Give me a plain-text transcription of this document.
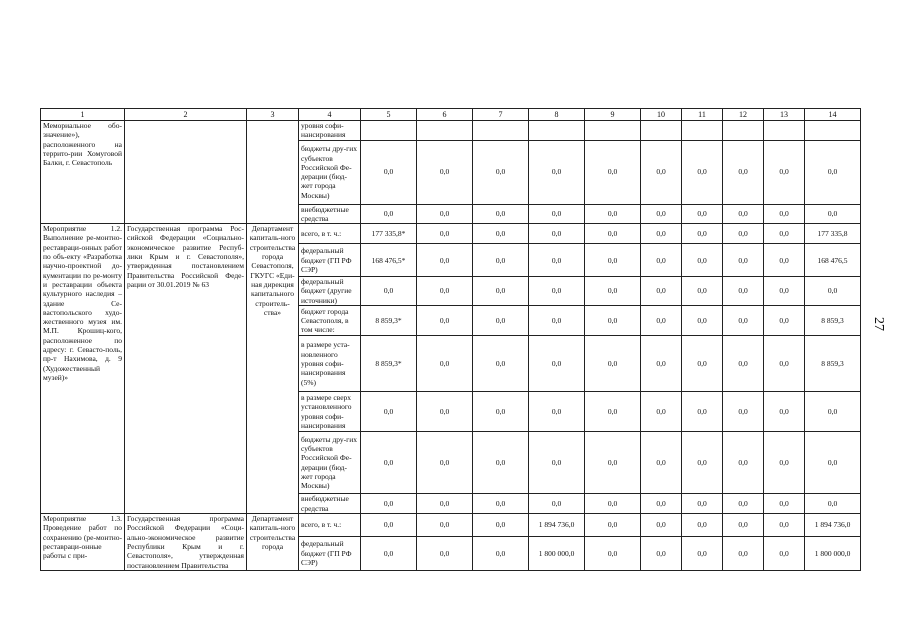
27
1	2	3	4	5	6	7	8	9	10	11	12	13	14
Мемориальное обо-значение»), расположенного на террито-рии Хомуговой Балки, г. Севастополь			уровня софи-нансирования										
			бюджеты дру-гих субъектов Российской Фе-дерации (бюд-жет города Москвы)	0,0	0,0	0,0	0,0	0,0	0,0	0,0	0,0	0,0	0,0
			внебюджетные средства	0,0	0,0	0,0	0,0	0,0	0,0	0,0	0,0	0,0	0,0
Мероприятие 1.2. Выполнение ре-монтно-реставраци-онных работ по объ-екту «Разработка научно-проектной до-кументации по ре-монту и реставрации объекта культурного наследия – здание Се-вастопольского худо-жественного музея им. М.П. Крошиц-кого, расположенное по адресу: г. Севасто-поль, пр-т Нахимова, д. 9 (Художественный музей)»	Государственная программа Рос-сийской Федерации «Социально-экономическое развитие Респуб-лики Крым и г. Севастополя», утвержденная постановлением Правительства Российской Феде-рации от 30.01.2019 № 63	Департамент капиталь-ного строительства города Севастополя, ГКУГС «Еди-ная дирекция капитального строитель-ства»	всего, в т. ч.:	177 335,8*	0,0	0,0	0,0	0,0	0,0	0,0	0,0	0,0	177 335,8
			федеральный бюджет (ГП РФ СЭР)	168 476,5*	0,0	0,0	0,0	0,0	0,0	0,0	0,0	0,0	168 476,5
			федеральный бюджет (другие источники)	0,0	0,0	0,0	0,0	0,0	0,0	0,0	0,0	0,0	0,0
			бюджет города Севастополя, в том числе:	8 859,3*	0,0	0,0	0,0	0,0	0,0	0,0	0,0	0,0	8 859,3
			в размере уста-новленного уровня софи-нансирования (5%)	8 859,3*	0,0	0,0	0,0	0,0	0,0	0,0	0,0	0,0	8 859,3
			в размере сверх установленного уровня софи-нансирования	0,0	0,0	0,0	0,0	0,0	0,0	0,0	0,0	0,0	0,0
			бюджеты дру-гих субъектов Российской Фе-дерации (бюд-жет города Москвы)	0,0	0,0	0,0	0,0	0,0	0,0	0,0	0,0	0,0	0,0
			внебюджетные средства	0,0	0,0	0,0	0,0	0,0	0,0	0,0	0,0	0,0	0,0
Мероприятие 1.3. Проведение работ по сохранению (ре-монтно-реставраци-онные работы с при-	Государственная программа Российской Федерации «Соци-ально-экономическое развитие Республики Крым и г. Севастополя», утвержденная постановлением Правительства	Департамент капиталь-ного строительства города	всего, в т. ч.:	0,0	0,0	0,0	1 894 736,0	0,0	0,0	0,0	0,0	0,0	1 894 736,0
			федеральный бюджет (ГП РФ СЭР)	0,0	0,0	0,0	1 800 000,0	0,0	0,0	0,0	0,0	0,0	1 800 000,0
